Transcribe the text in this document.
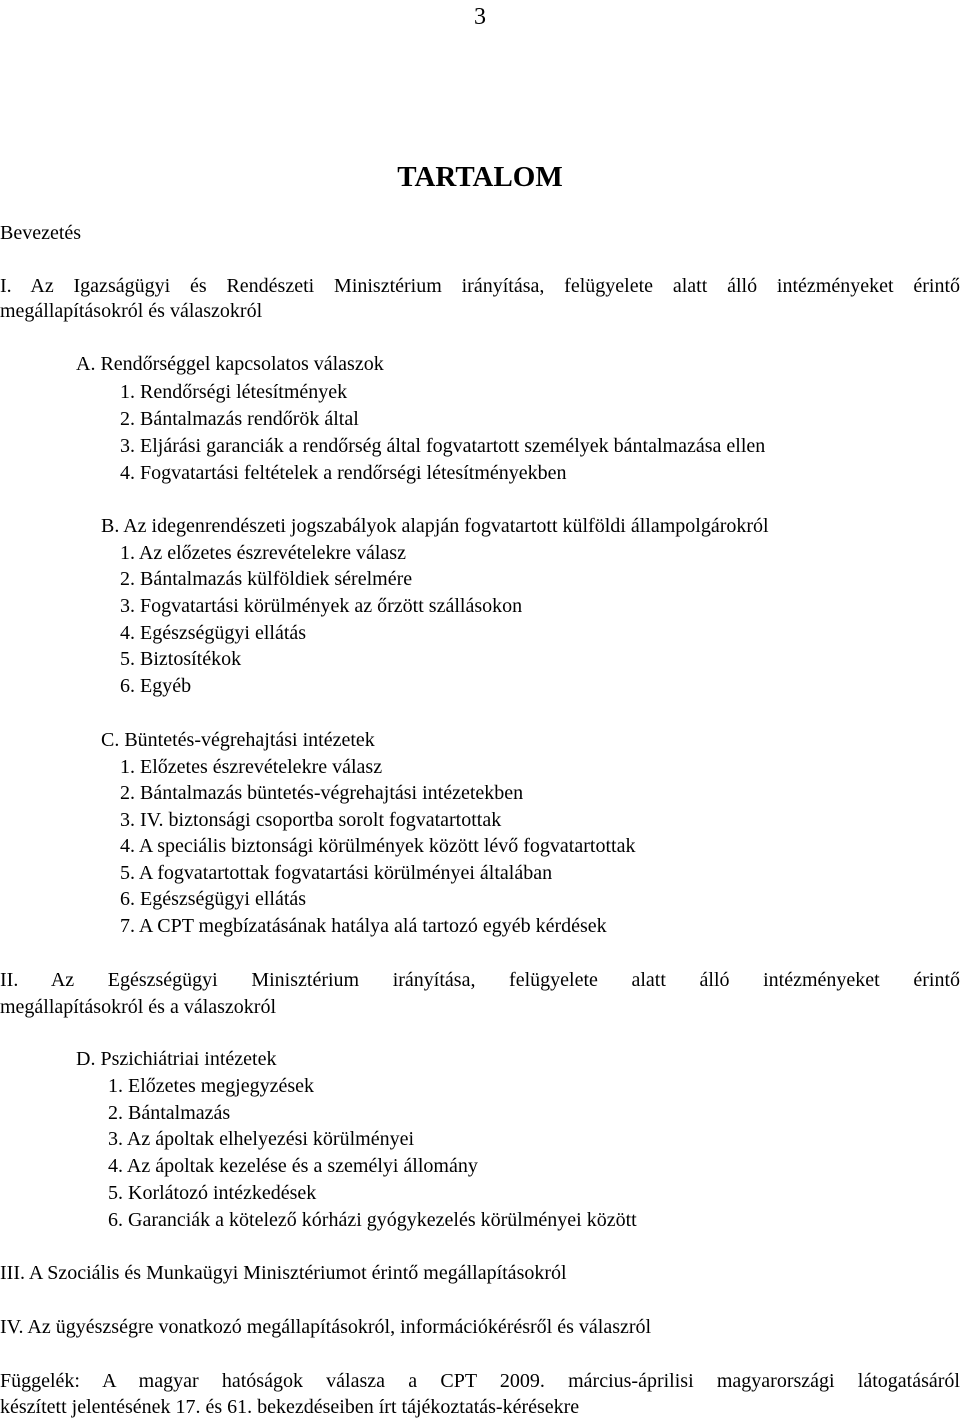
3
TARTALOM
Bevezetés
I. Az Igazságügyi és Rendészeti Minisztérium irányítása, felügyelete alatt álló intézményeket érintő
megállapításokról és válaszokról
A. Rendőrséggel kapcsolatos válaszok
1. Rendőrségi létesítmények
2. Bántalmazás rendőrök által
3. Eljárási garanciák a rendőrség által fogvatartott személyek bántalmazása ellen
4. Fogvatartási feltételek a rendőrségi létesítményekben
B. Az idegenrendészeti jogszabályok alapján fogvatartott külföldi állampolgárokról
1. Az előzetes észrevételekre válasz
2. Bántalmazás külföldiek sérelmére
3. Fogvatartási körülmények az őrzött szállásokon
4. Egészségügyi ellátás
5. Biztosítékok
6. Egyéb
C. Büntetés-végrehajtási intézetek
1. Előzetes észrevételekre válasz
2. Bántalmazás büntetés-végrehajtási intézetekben
3. IV. biztonsági csoportba sorolt fogvatartottak
4. A speciális biztonsági körülmények között lévő fogvatartottak
5. A fogvatartottak fogvatartási körülményei általában
6. Egészségügyi ellátás
7. A CPT megbízatásának hatálya alá tartozó egyéb kérdések
II. Az Egészségügyi Minisztérium irányítása, felügyelete alatt álló intézményeket érintő
megállapításokról és a válaszokról
D. Pszichiátriai intézetek
1. Előzetes megjegyzések
2. Bántalmazás
3. Az ápoltak elhelyezési körülményei
4. Az ápoltak kezelése és a személyi állomány
5. Korlátozó intézkedések
6. Garanciák a kötelező kórházi gyógykezelés körülményei között
III. A Szociális és Munkaügyi Minisztériumot érintő megállapításokról
IV. Az ügyészségre vonatkozó megállapításokról, információkérésről és válaszról
Függelék: A magyar hatóságok válasza a CPT 2009. március-áprilisi magyarországi látogatásáról
készített jelentésének 17. és 61. bekezdéseiben írt tájékoztatás-kérésekre
